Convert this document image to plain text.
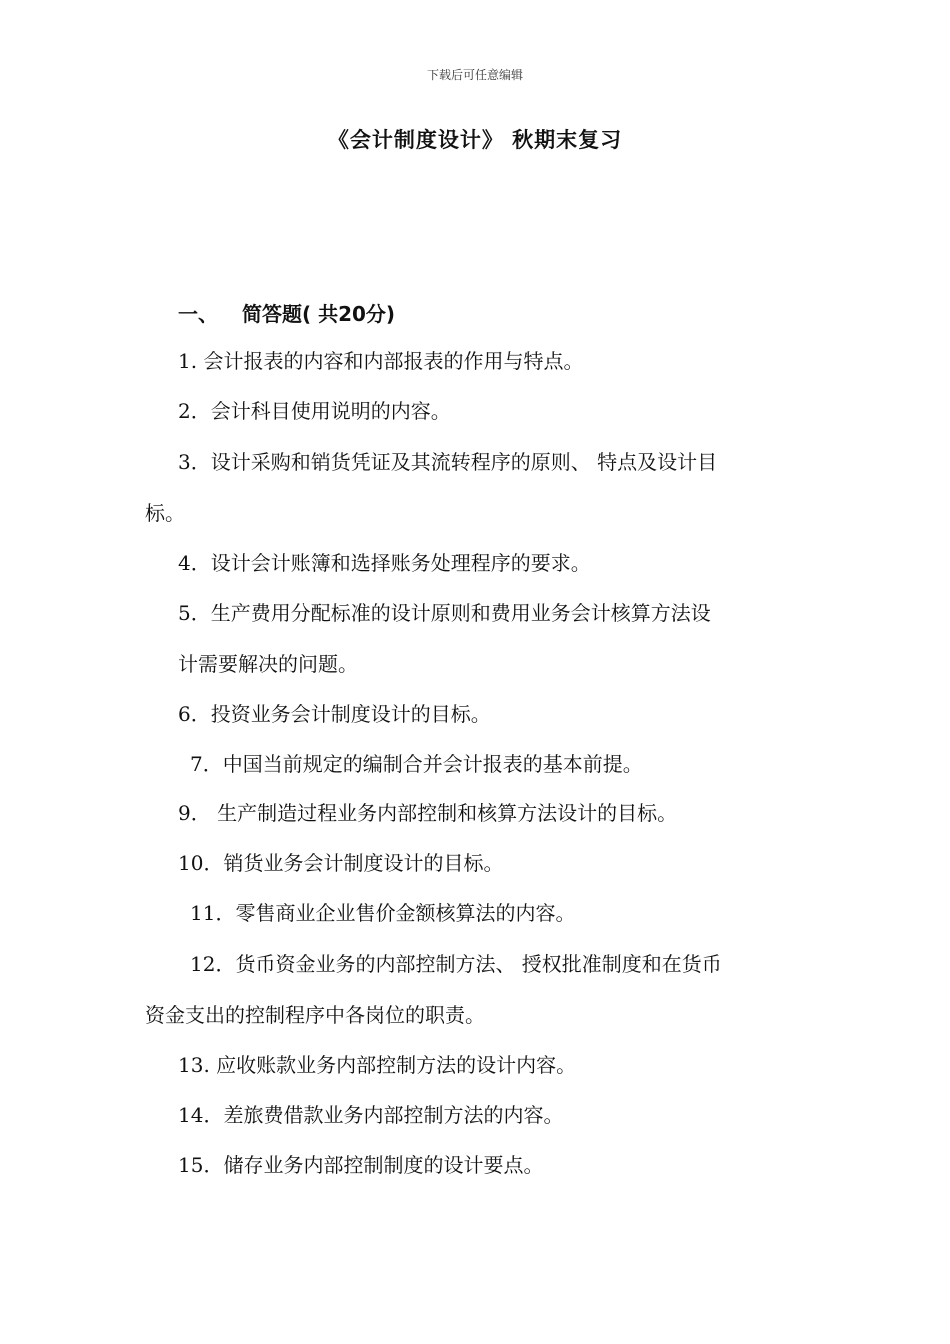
下载后可任意编辑
《会计制度设计》 秋期末复习
一、 简答题( 共20分)
1. 会计报表的内容和内部报表的作用与特点。
2．会计科目使用说明的内容。
3．设计采购和销货凭证及其流转程序的原则、 特点及设计目
标。
4．设计会计账簿和选择账务处理程序的要求。
5．生产费用分配标准的设计原则和费用业务会计核算方法设
计需要解决的问题。
6．投资业务会计制度设计的目标。
7．中国当前规定的编制合并会计报表的基本前提。
9． 生产制造过程业务内部控制和核算方法设计的目标。
10．销货业务会计制度设计的目标。
11．零售商业企业售价金额核算法的内容。
12．货币资金业务的内部控制方法、 授权批准制度和在货币
资金支出的控制程序中各岗位的职责。
13. 应收账款业务内部控制方法的设计内容。
14．差旅费借款业务内部控制方法的内容。
15．储存业务内部控制制度的设计要点。
